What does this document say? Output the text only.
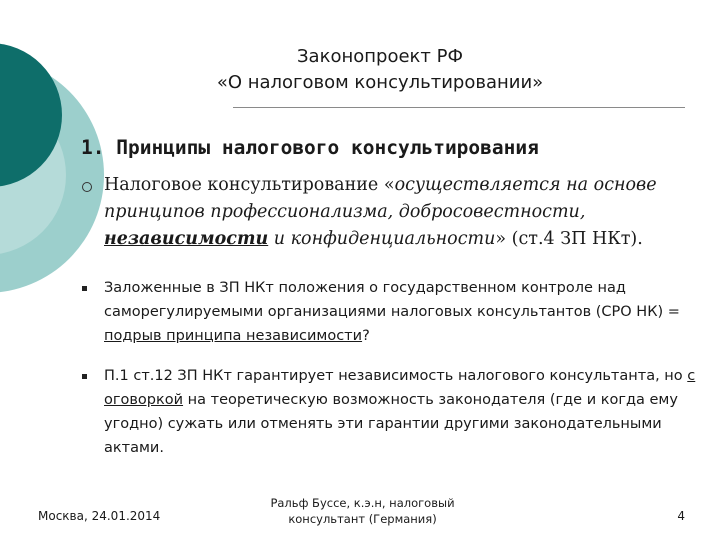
Законопроект РФ
«О налоговом консультировании»
1. Принципы налогового консультирования
Налоговое консультирование «осуществляется на основе принципов профессионализма, добросовестности, независимости и конфиденциальности» (ст.4 ЗП НКт).
Заложенные в ЗП НКт положения о государственном контроле над саморегулируемыми организациями налоговых консультантов (СРО НК) = подрыв принципа независимости?
П.1 ст.12 ЗП НКт гарантирует независимость налогового консультанта, но с оговоркой на теоретическую возможность законодателя (где и когда ему угодно) сужать или отменять эти гарантии другими законодательными актами.
Москва, 24.01.2014
Ральф Буссе, к.э.н, налоговый
консультант (Германия)	4
